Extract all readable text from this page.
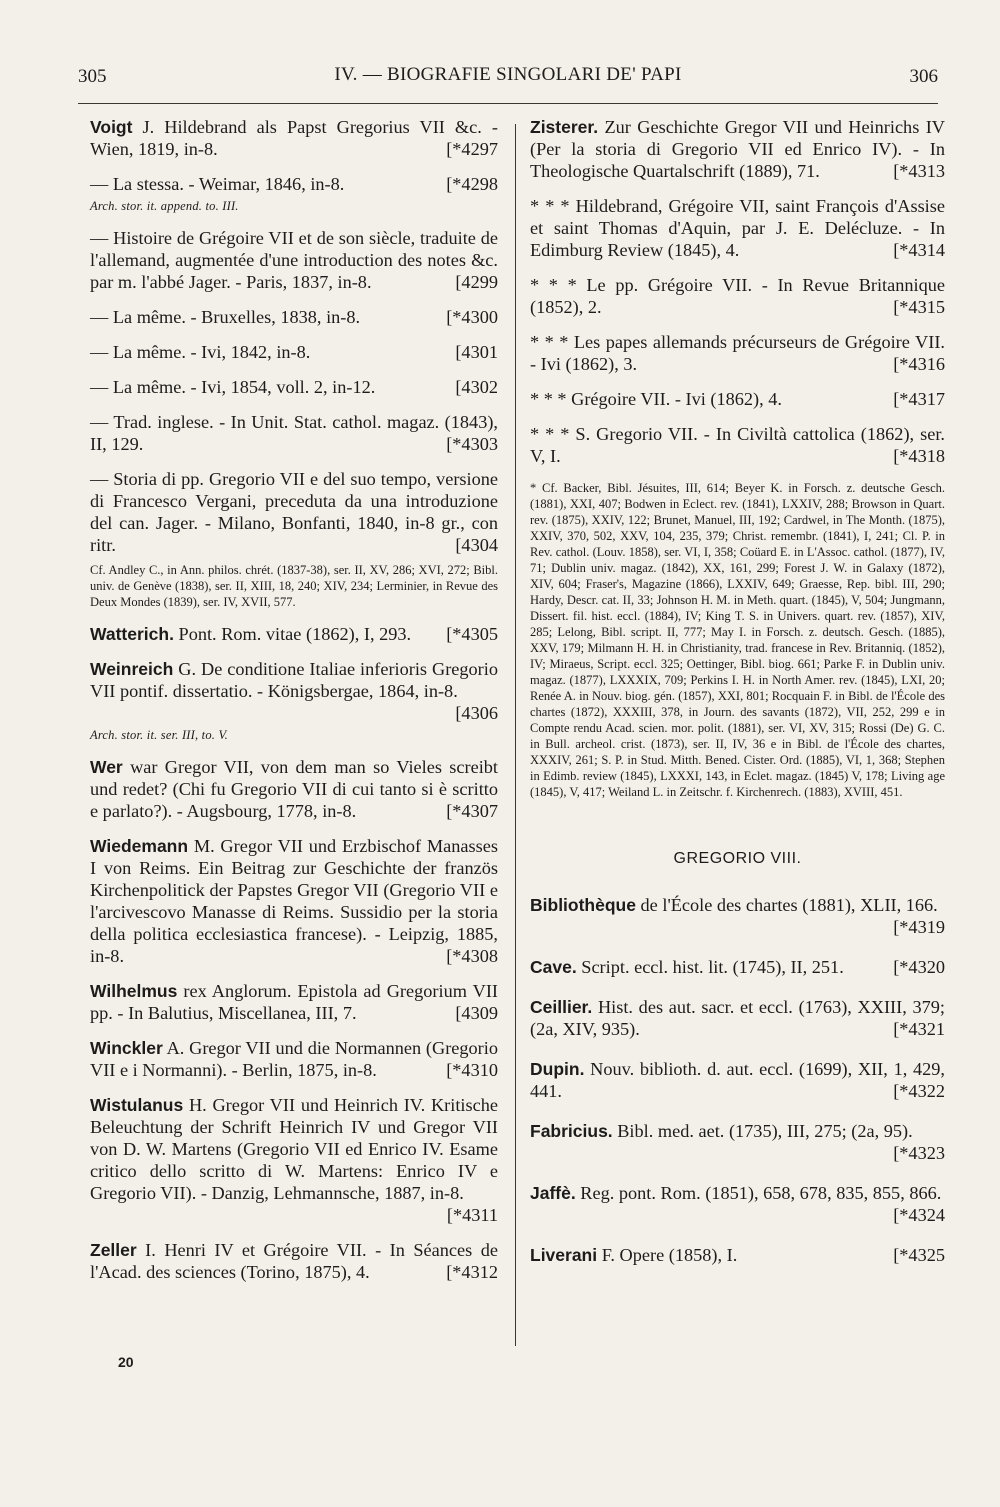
305	IV. — BIOGRAFIE SINGOLARI DE' PAPI	306
Voigt J. Hildebrand als Papst Gregorius VII &c. - Wien, 1819, in-8.	[*4297
— La stessa. - Weimar, 1846, in-8.	[*4298
Arch. stor. it. append. to. III.
— Histoire de Grégoire VII et de son siècle, traduite de l'allemand, augmentée d'une introduction des notes &c. par m. l'abbé Jager. - Paris, 1837, in-8.	[4299
— La même. - Bruxelles, 1838, in-8.	[*4300
— La même. - Ivi, 1842, in-8.	[4301
— La même. - Ivi, 1854, voll. 2, in-12.	[4302
— Trad. inglese. - In Unit. Stat. cathol. magaz. (1843), II, 129.	[*4303
— Storia di pp. Gregorio VII e del suo tempo, versione di Francesco Vergani, preceduta da una introduzione del can. Jager. - Milano, Bonfanti, 1840, in-8 gr., con ritr.	[4304
Cf. Andley C., in Ann. philos. chrét. (1837-38), ser. II, XV, 286; XVI, 272; Bibl. univ. de Genève (1838), ser. II, XIII, 18, 240; XIV, 234; Lerminier, in Revue des Deux Mondes (1839), ser. IV, XVII, 577.
Watterich. Pont. Rom. vitae (1862), I, 293. [*4305
Weinreich G. De conditione Italiae inferioris Gregorio VII pontif. dissertatio. - Königsbergae, 1864, in-8.
[4306
Arch. stor. it. ser. III, to. V.
Wer war Gregor VII, von dem man so Vieles screibt und redet? (Chi fu Gregorio VII di cui tanto si è scritto e parlato?). - Augsbourg, 1778, in-8.	[*4307
Wiedemann M. Gregor VII und Erzbischof Manasses I von Reims. Ein Beitrag zur Geschichte der französ Kirchenpolitick der Papstes Gregor VII (Gregorio VII e l'arcivescovo Manasse di Reims. Sussidio per la storia della politica ecclesiastica francese). - Leipzig, 1885, in-8.	[*4308
Wilhelmus rex Anglorum. Epistola ad Gregorium VII pp. - In Balutius, Miscellanea, III, 7.	[4309
Winckler A. Gregor VII und die Normannen (Gregorio VII e i Normanni). - Berlin, 1875, in-8.	[*4310
Wistulanus H. Gregor VII und Heinrich IV. Kritische Beleuchtung der Schrift Heinrich IV und Gregor VII von D. W. Martens (Gregorio VII ed Enrico IV. Esame critico dello scritto di W. Martens: Enrico IV e Gregorio VII). - Danzig, Lehmannsche, 1887, in-8.
[*4311
Zeller I. Henri IV et Grégoire VII. - In Séances de l'Acad. des sciences (Torino, 1875), 4.	[*4312
Zisterer. Zur Geschichte Gregor VII und Heinrichs IV (Per la storia di Gregorio VII ed Enrico IV). - In Theologische Quartalschrift (1889), 71.	[*4313
* * * Hildebrand, Grégoire VII, saint François d'Assise et saint Thomas d'Aquin, par J. E. Delécluze. - In Edimburg Review (1845), 4.	[*4314
* * * Le pp. Grégoire VII. - In Revue Britannique (1852), 2.	[*4315
* * * Les papes allemands précurseurs de Grégoire VII. - Ivi (1862), 3.	[*4316
* * * Grégoire VII. - Ivi (1862), 4.	[*4317
* * * S. Gregorio VII. - In Civiltà cattolica (1862), ser. V, I.	[*4318
* Cf. Backer, Bibl. Jésuites, III, 614; Beyer K. in Forsch. z. deutsche Gesch. (1881), XXI, 407; Bodwen in Eclect. rev. (1841), LXXIV, 288; Browson in Quart. rev. (1875), XXIV, 122; Brunet, Manuel, III, 192; Cardwel, in The Month. (1875), XXIV, 370, 502, XXV, 104, 235, 379; Christ. remembr. (1841), I, 241; Cl. P. in Rev. cathol. (Louv. 1858), ser. VI, I, 358; Coüard E. in L'Assoc. cathol. (1877), IV, 71; Dublin univ. magaz. (1842), XX, 161, 299; Forest J. W. in Galaxy (1872), XIV, 604; Fraser's, Magazine (1866), LXXIV, 649; Graesse, Rep. bibl. III, 290; Hardy, Descr. cat. II, 33; Johnson H. M. in Meth. quart. (1845), V, 504; Jungmann, Dissert. fil. hist. eccl. (1884), IV; King T. S. in Univers. quart. rev. (1857), XIV, 285; Lelong, Bibl. script. II, 777; May I. in Forsch. z. deutsch. Gesch. (1885), XXV, 179; Milmann H. H. in Christianity, trad. francese in Rev. Britanniq. (1852), IV; Miraeus, Script. eccl. 325; Oettinger, Bibl. biog. 661; Parke F. in Dublin univ. magaz. (1877), LXXXIX, 709; Perkins I. H. in North Amer. rev. (1845), LXI, 20; Renée A. in Nouv. biog. gén. (1857), XXI, 801; Rocquain F. in Bibl. de l'École des chartes (1872), XXXIII, 378, in Journ. des savants (1872), VII, 252, 299 e in Compte rendu Acad. scien. mor. polit. (1881), ser. VI, XV, 315; Rossi (De) G. C. in Bull. archeol. crist. (1873), ser. II, IV, 36 e in Bibl. de l'École des chartes, XXXIV, 261; S. P. in Stud. Mitth. Bened. Cister. Ord. (1885), VI, 1, 368; Stephen in Edimb. review (1845), LXXXI, 143, in Eclet. magaz. (1845) V, 178; Living age (1845), V, 417; Weiland L. in Zeitschr. f. Kirchenrech. (1883), XVIII, 451.
GREGORIO VIII.
Bibliothèque de l'École des chartes (1881), XLII, 166.
[*4319
Cave. Script. eccl. hist. lit. (1745), II, 251.	[*4320
Ceillier. Hist. des aut. sacr. et eccl. (1763), XXIII, 379; (2a, XIV, 935).	[*4321
Dupin. Nouv. biblioth. d. aut. eccl. (1699), XII, 1, 429, 441.	[*4322
Fabricius. Bibl. med. aet. (1735), III, 275; (2a, 95).
[*4323
Jaffè. Reg. pont. Rom. (1851), 658, 678, 835, 855, 866.
[*4324
Liverani F. Opere (1858), I.	[*4325
20
